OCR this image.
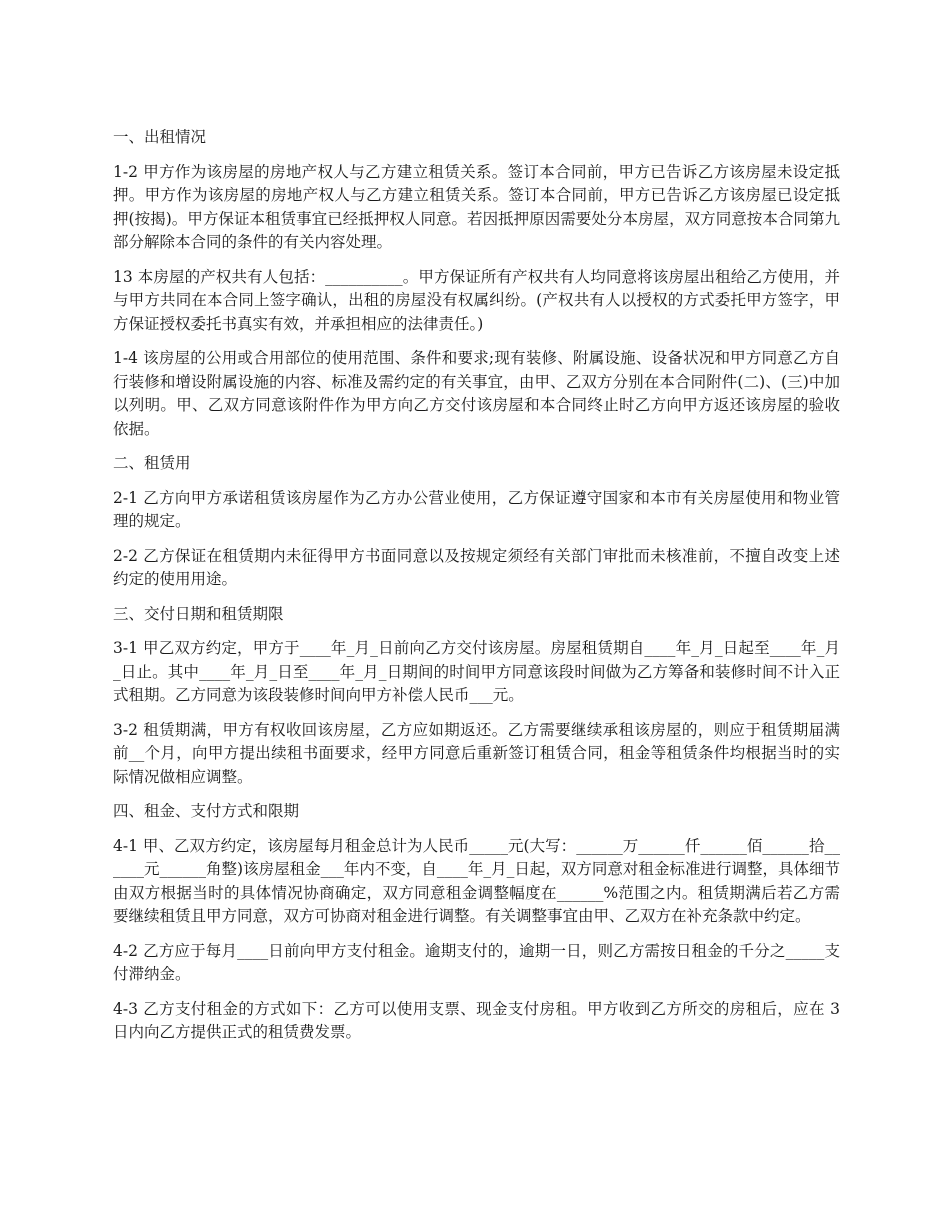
一、出租情况

1-2 甲方作为该房屋的房地产权人与乙方建立租赁关系。签订本合同前，甲方已告诉乙方该房屋未设定抵押。甲方作为该房屋的房地产权人与乙方建立租赁关系。签订本合同前，甲方已告诉乙方该房屋已设定抵押(按揭)。甲方保证本租赁事宜已经抵押权人同意。若因抵押原因需要处分本房屋，双方同意按本合同第九部分解除本合同的条件的有关内容处理。

13 本房屋的产权共有人包括：__________。甲方保证所有产权共有人均同意将该房屋出租给乙方使用，并与甲方共同在本合同上签字确认，出租的房屋没有权属纠纷。(产权共有人以授权的方式委托甲方签字，甲方保证授权委托书真实有效，并承担相应的法律责任。)

1-4 该房屋的公用或合用部位的使用范围、条件和要求;现有装修、附属设施、设备状况和甲方同意乙方自行装修和增设附属设施的内容、标准及需约定的有关事宜，由甲、乙双方分别在本合同附件(二)、(三)中加以列明。甲、乙双方同意该附件作为甲方向乙方交付该房屋和本合同终止时乙方向甲方返还该房屋的验收依据。

二、租赁用

2-1 乙方向甲方承诺租赁该房屋作为乙方办公营业使用，乙方保证遵守国家和本市有关房屋使用和物业管理的规定。

2-2 乙方保证在租赁期内未征得甲方书面同意以及按规定须经有关部门审批而未核准前，不擅自改变上述约定的使用用途。

三、交付日期和租赁期限

3-1 甲乙双方约定，甲方于____年_月_日前向乙方交付该房屋。房屋租赁期自____年_月_日起至____年_月_日止。其中____年_月_日至____年_月_日期间的时间甲方同意该段时间做为乙方筹备和装修时间不计入正式租期。乙方同意为该段装修时间向甲方补偿人民币___元。

3-2 租赁期满，甲方有权收回该房屋，乙方应如期返还。乙方需要继续承租该房屋的，则应于租赁期届满前__个月，向甲方提出续租书面要求，经甲方同意后重新签订租赁合同，租金等租赁条件均根据当时的实际情况做相应调整。

四、租金、支付方式和限期

4-1 甲、乙双方约定，该房屋每月租金总计为人民币_____元(大写：______万______仟______佰______拾______元______角整)该房屋租金___年内不变，自____年_月_日起，双方同意对租金标准进行调整，具体细节由双方根据当时的具体情况协商确定，双方同意租金调整幅度在______%范围之内。租赁期满后若乙方需要继续租赁且甲方同意，双方可协商对租金进行调整。有关调整事宜由甲、乙双方在补充条款中约定。

4-2 乙方应于每月____日前向甲方支付租金。逾期支付的，逾期一日，则乙方需按日租金的千分之_____支付滞纳金。

4-3 乙方支付租金的方式如下：乙方可以使用支票、现金支付房租。甲方收到乙方所交的房租后，应在 3 日内向乙方提供正式的租赁费发票。
